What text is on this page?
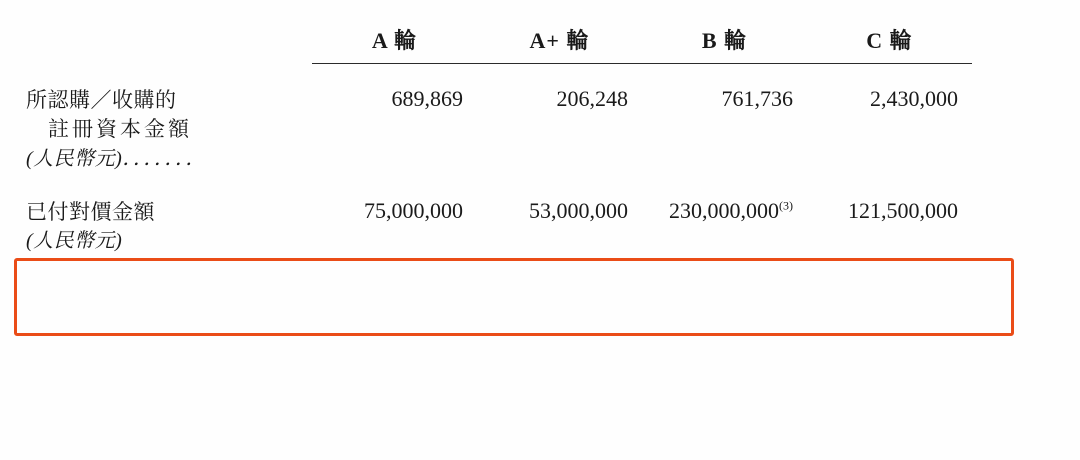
	A 輪	A+ 輪	B 輪	C 輪

所認購／收購的
註冊資本金額
(人民幣元)．．．．．．．	689,869	206,248	761,736	2,430,000

已付對價金額
(人民幣元)	75,000,000	53,000,000	230,000,000$^{(3)}$	121,500,000
